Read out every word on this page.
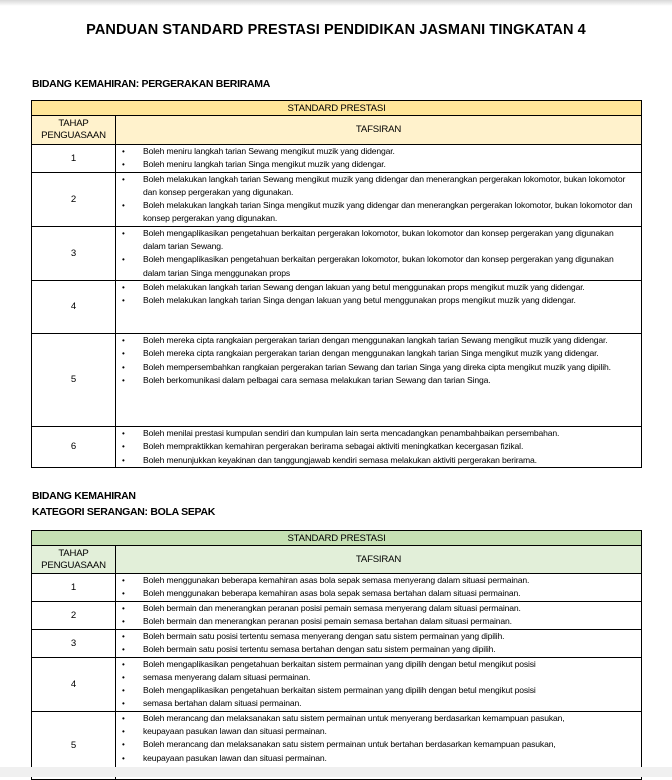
PANDUAN STANDARD PRESTASI PENDIDIKAN JASMANI TINGKATAN 4
BIDANG KEMAHIRAN: PERGERAKAN BERIRAMA
STANDARD PRESTASI	
TAHAP PENGUASAAN	TAFSIRAN
1	
• Boleh meniru langkah tarian Sewang mengikut muzik yang didengar.
• Boleh meniru langkah tarian Singa mengikut muzik yang didengar.

2	
• Boleh melakukan langkah tarian Sewang mengikut muzik yang didengar dan menerangkan pergerakan lokomotor, bukan lokomotor dan konsep pergerakan yang digunakan.
• Boleh melakukan langkah tarian Singa mengikut muzik yang didengar dan menerangkan pergerakan lokomotor, bukan lokomotor dan konsep pergerakan yang digunakan.

3	
• Boleh mengaplikasikan pengetahuan berkaitan pergerakan lokomotor, bukan lokomotor dan konsep pergerakan yang digunakan dalam tarian Sewang.
• Boleh mengaplikasikan pengetahuan berkaitan pergerakan lokomotor, bukan lokomotor dan konsep pergerakan yang digunakan dalam tarian Singa menggunakan props

4	
• Boleh melakukan langkah tarian Sewang dengan lakuan yang betul menggunakan props mengikut muzik yang didengar.
• Boleh melakukan langkah tarian Singa dengan lakuan yang betul menggunakan props mengikut muzik yang didengar.

5	
• Boleh mereka cipta rangkaian pergerakan tarian dengan menggunakan langkah tarian Sewang mengikut muzik yang didengar.
• Boleh mereka cipta rangkaian pergerakan tarian dengan menggunakan langkah tarian Singa mengikut muzik yang didengar.
• Boleh mempersembahkan rangkaian pergerakan tarian Sewang dan tarian Singa yang direka cipta mengikut muzik yang dipilih.
• Boleh berkomunikasi dalam pelbagai cara semasa melakukan tarian Sewang dan tarian Singa.

6	
• Boleh menilai prestasi kumpulan sendiri dan kumpulan lain serta mencadangkan penambahbaikan persembahan.
• Boleh mempraktikkan kemahiran pergerakan berirama sebagai aktiviti meningkatkan kecergasan fizikal.
• Boleh menunjukkan keyakinan dan tanggungjawab kendiri semasa melakukan aktiviti pergerakan berirama.
BIDANG KEMAHIRAN
KATEGORI SERANGAN: BOLA SEPAK
STANDARD PRESTASI	
TAHAP PENGUASAAN	TAFSIRAN
1	
• Boleh menggunakan beberapa kemahiran asas bola sepak semasa menyerang dalam situasi permainan.
• Boleh menggunakan beberapa kemahiran asas bola sepak semasa bertahan dalam situasi permainan.

2	
• Boleh bermain dan menerangkan peranan posisi pemain semasa menyerang dalam situasi permainan.
• Boleh bermain dan menerangkan peranan posisi pemain semasa bertahan dalam situasi permainan.

3	
• Boleh bermain satu posisi tertentu semasa menyerang dengan satu sistem permainan yang dipilih.
• Boleh bermain satu posisi tertentu semasa bertahan dengan satu sistem permainan yang dipilih.

4	
• Boleh mengaplikasikan pengetahuan berkaitan sistem permainan yang dipilih dengan betul mengikut posisi
• semasa menyerang dalam situasi permainan.
• Boleh mengaplikasikan pengetahuan berkaitan sistem permainan yang dipilih dengan betul mengikut posisi
• semasa bertahan dalam situasi permainan.

5	
• Boleh merancang dan melaksanakan satu sistem permainan untuk menyerang berdasarkan kemampuan pasukan,
• keupayaan pasukan lawan dan situasi permainan.
• Boleh merancang dan melaksanakan satu sistem permainan untuk bertahan berdasarkan kemampuan pasukan,
• keupayaan pasukan lawan dan situasi permainan.
